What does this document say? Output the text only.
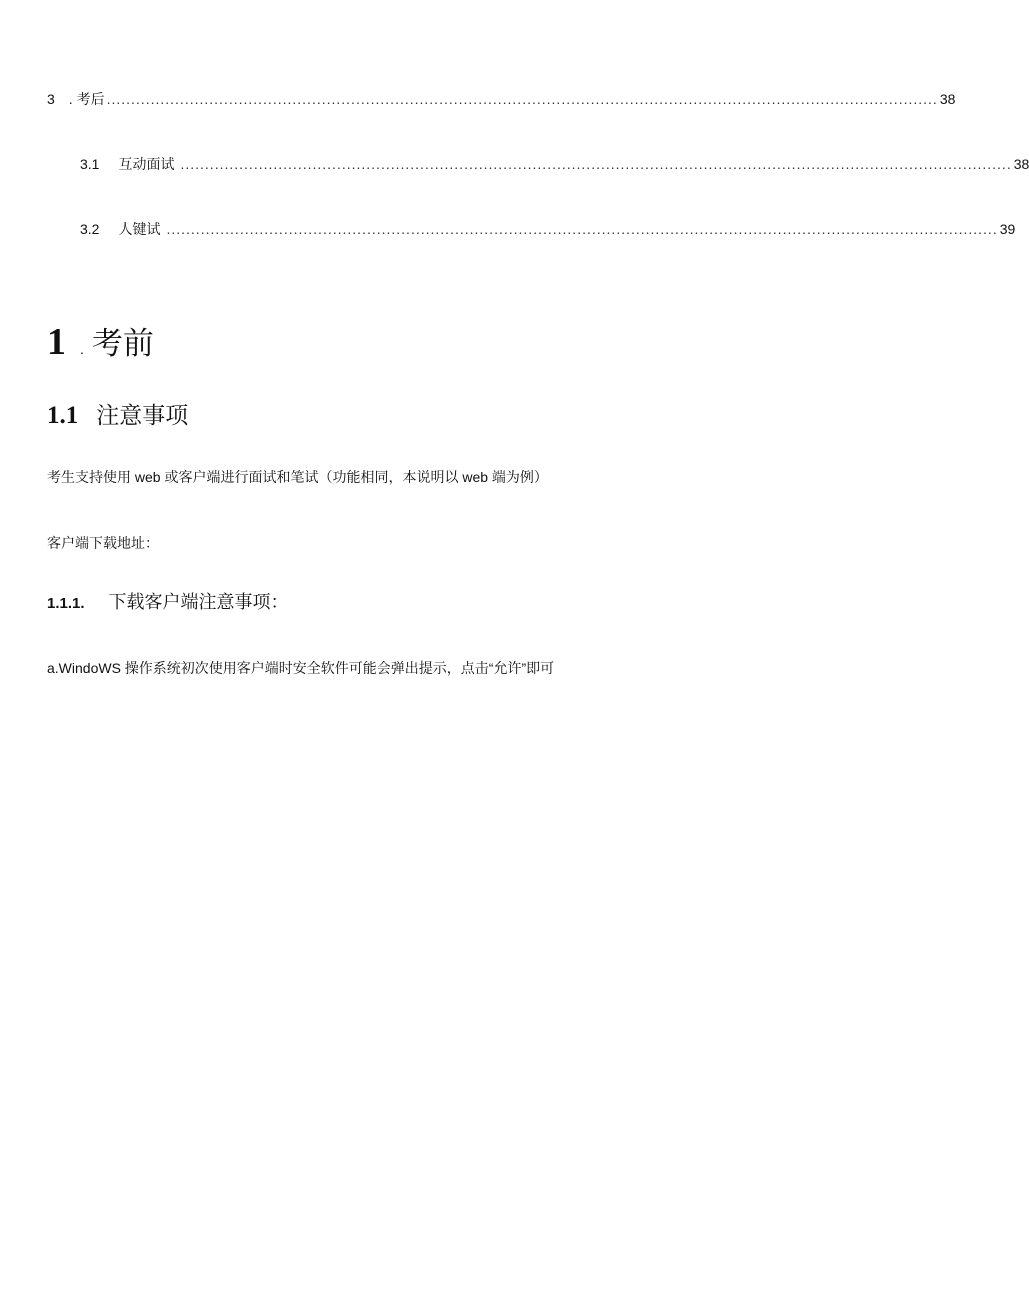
3 . 考后 .......................................................................................................................................................................... 38
3.1 互动面试 .......................................................................................................................................................................... 38
3.2 人键试 .......................................................................................................................................................................... 39
1 . 考前
1.1 注意事项
考生支持使用 web 或客户端进行面试和笔试（功能相同，本说明以 web 端为例）
客户端下载地址：
1.1.1. 下载客户端注意事项：
a.WindoWS 操作系统初次使用客户端时安全软件可能会弹出提示，点击“允许”即可
